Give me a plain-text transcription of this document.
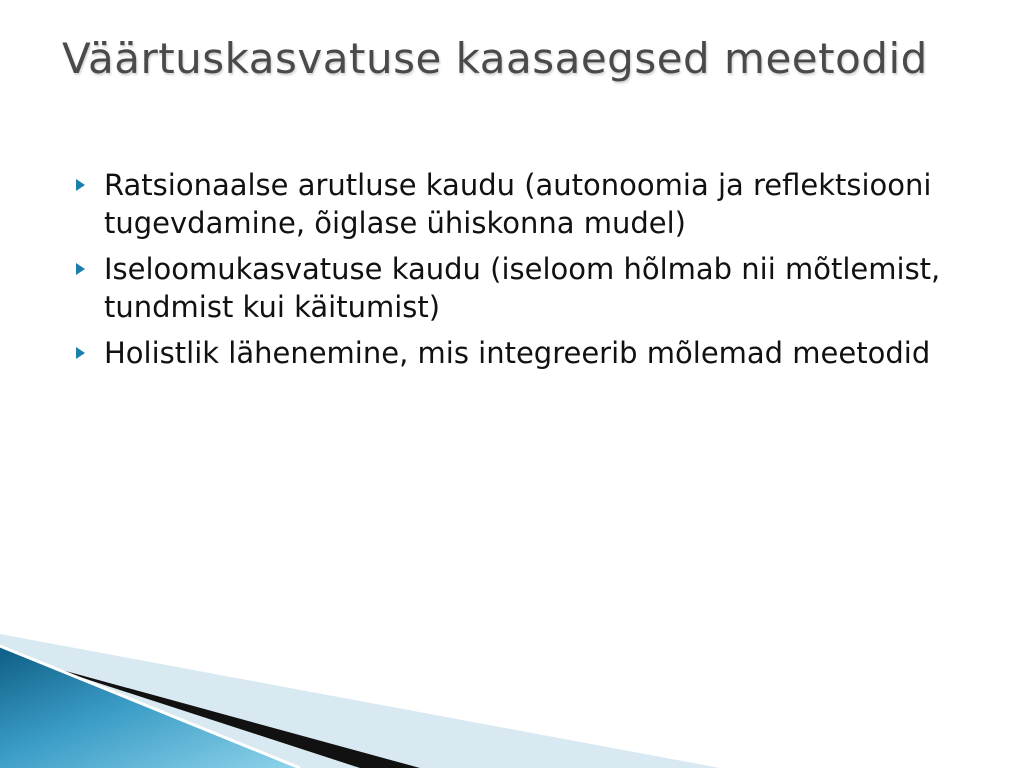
Väärtuskasvatuse kaasaegsed meetodid
Ratsionaalse arutluse kaudu (autonoomia ja reflektsiooni tugevdamine, õiglase ühiskonna mudel)
Iseloomukasvatuse kaudu (iseloom hõlmab nii mõtlemist, tundmist kui käitumist)
Holistlik lähenemine, mis integreerib mõlemad meetodid
